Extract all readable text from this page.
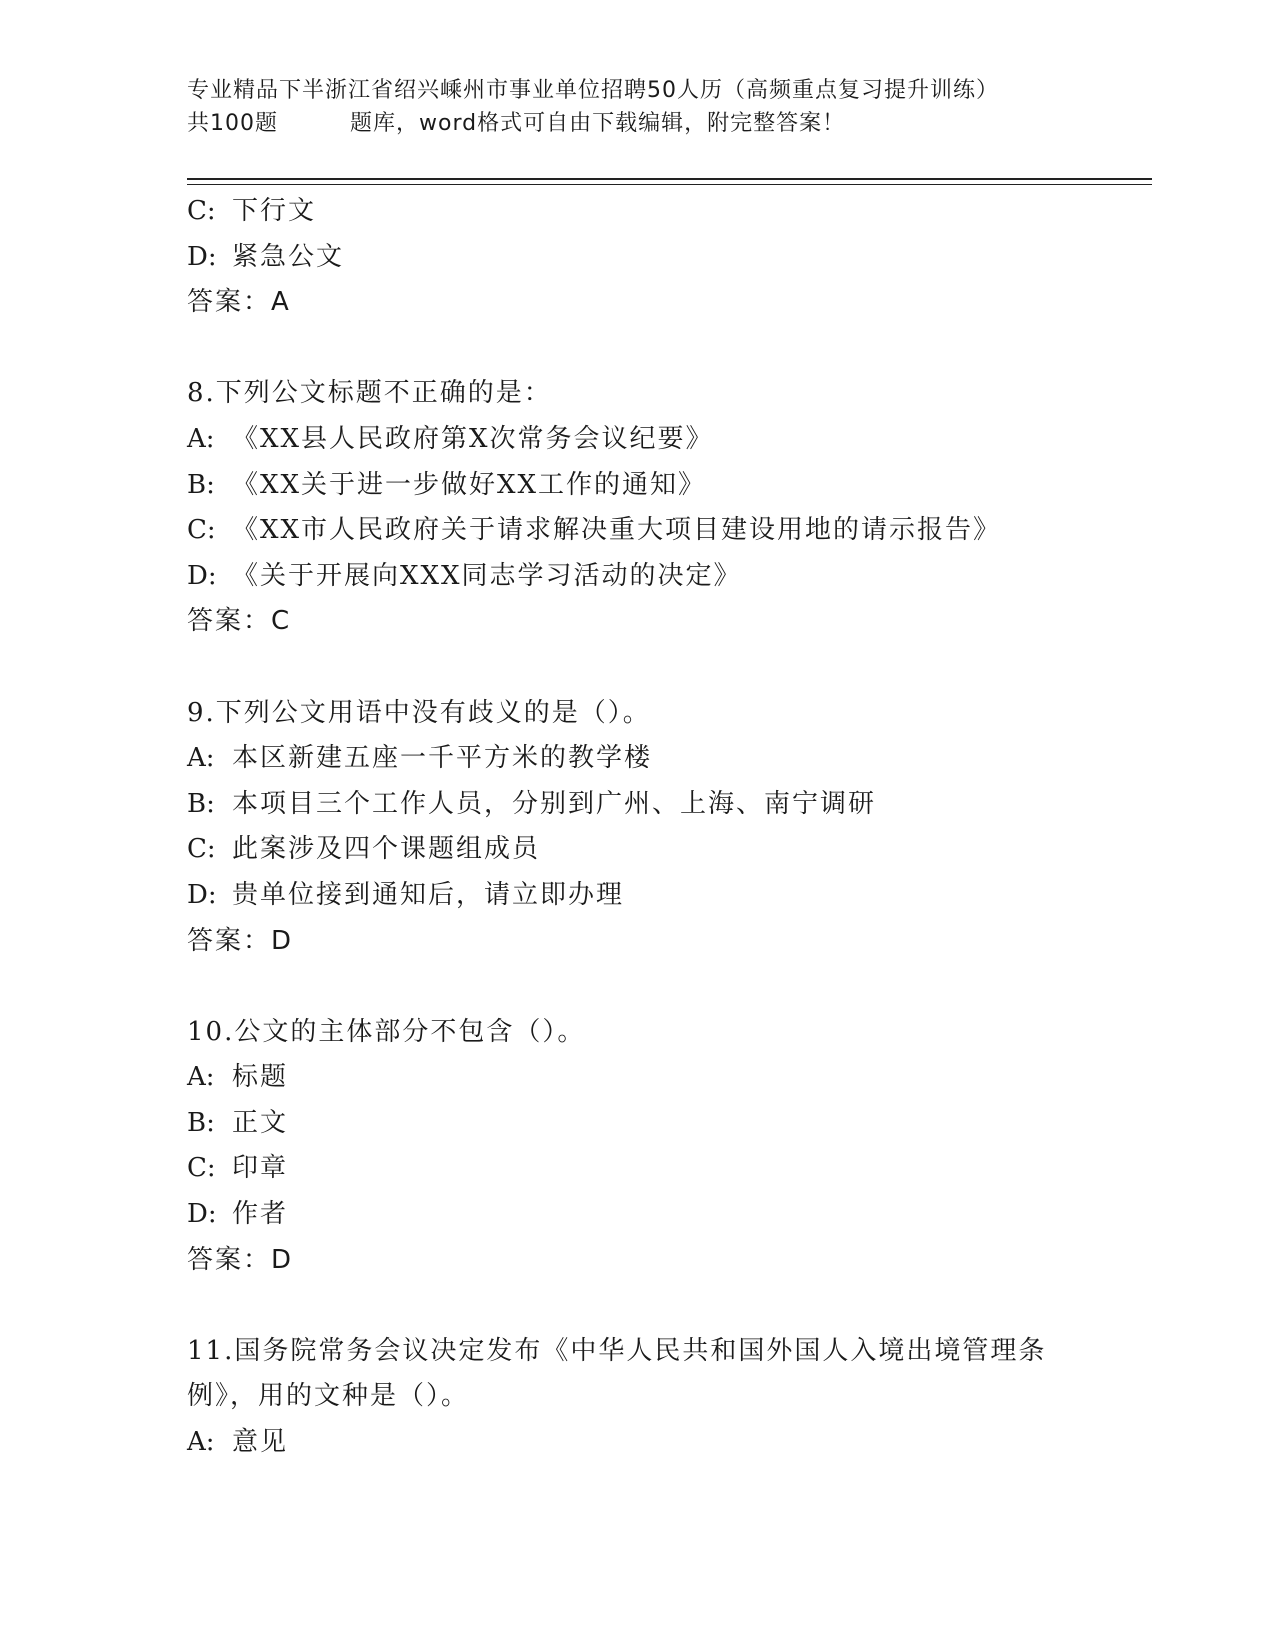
专业精品下半浙江省绍兴嵊州市事业单位招聘50人历（高频重点复习提升训练）
共100题	题库，word格式可自由下载编辑，附完整答案！
C: 下行文
D: 紧急公文
答案：A
8.下列公文标题不正确的是：
A: 《XX县人民政府第X次常务会议纪要》
B: 《XX关于进一步做好XX工作的通知》
C: 《XX市人民政府关于请求解决重大项目建设用地的请示报告》
D: 《关于开展向XXX同志学习活动的决定》
答案：C
9.下列公文用语中没有歧义的是（）。
A: 本区新建五座一千平方米的教学楼
B: 本项目三个工作人员，分别到广州、上海、南宁调研
C: 此案涉及四个课题组成员
D: 贵单位接到通知后，请立即办理
答案：D
10.公文的主体部分不包含（）。
A: 标题
B: 正文
C: 印章
D: 作者
答案：D
11.国务院常务会议决定发布《中华人民共和国外国人入境出境管理条
例》，用的文种是（）。
A: 意见
